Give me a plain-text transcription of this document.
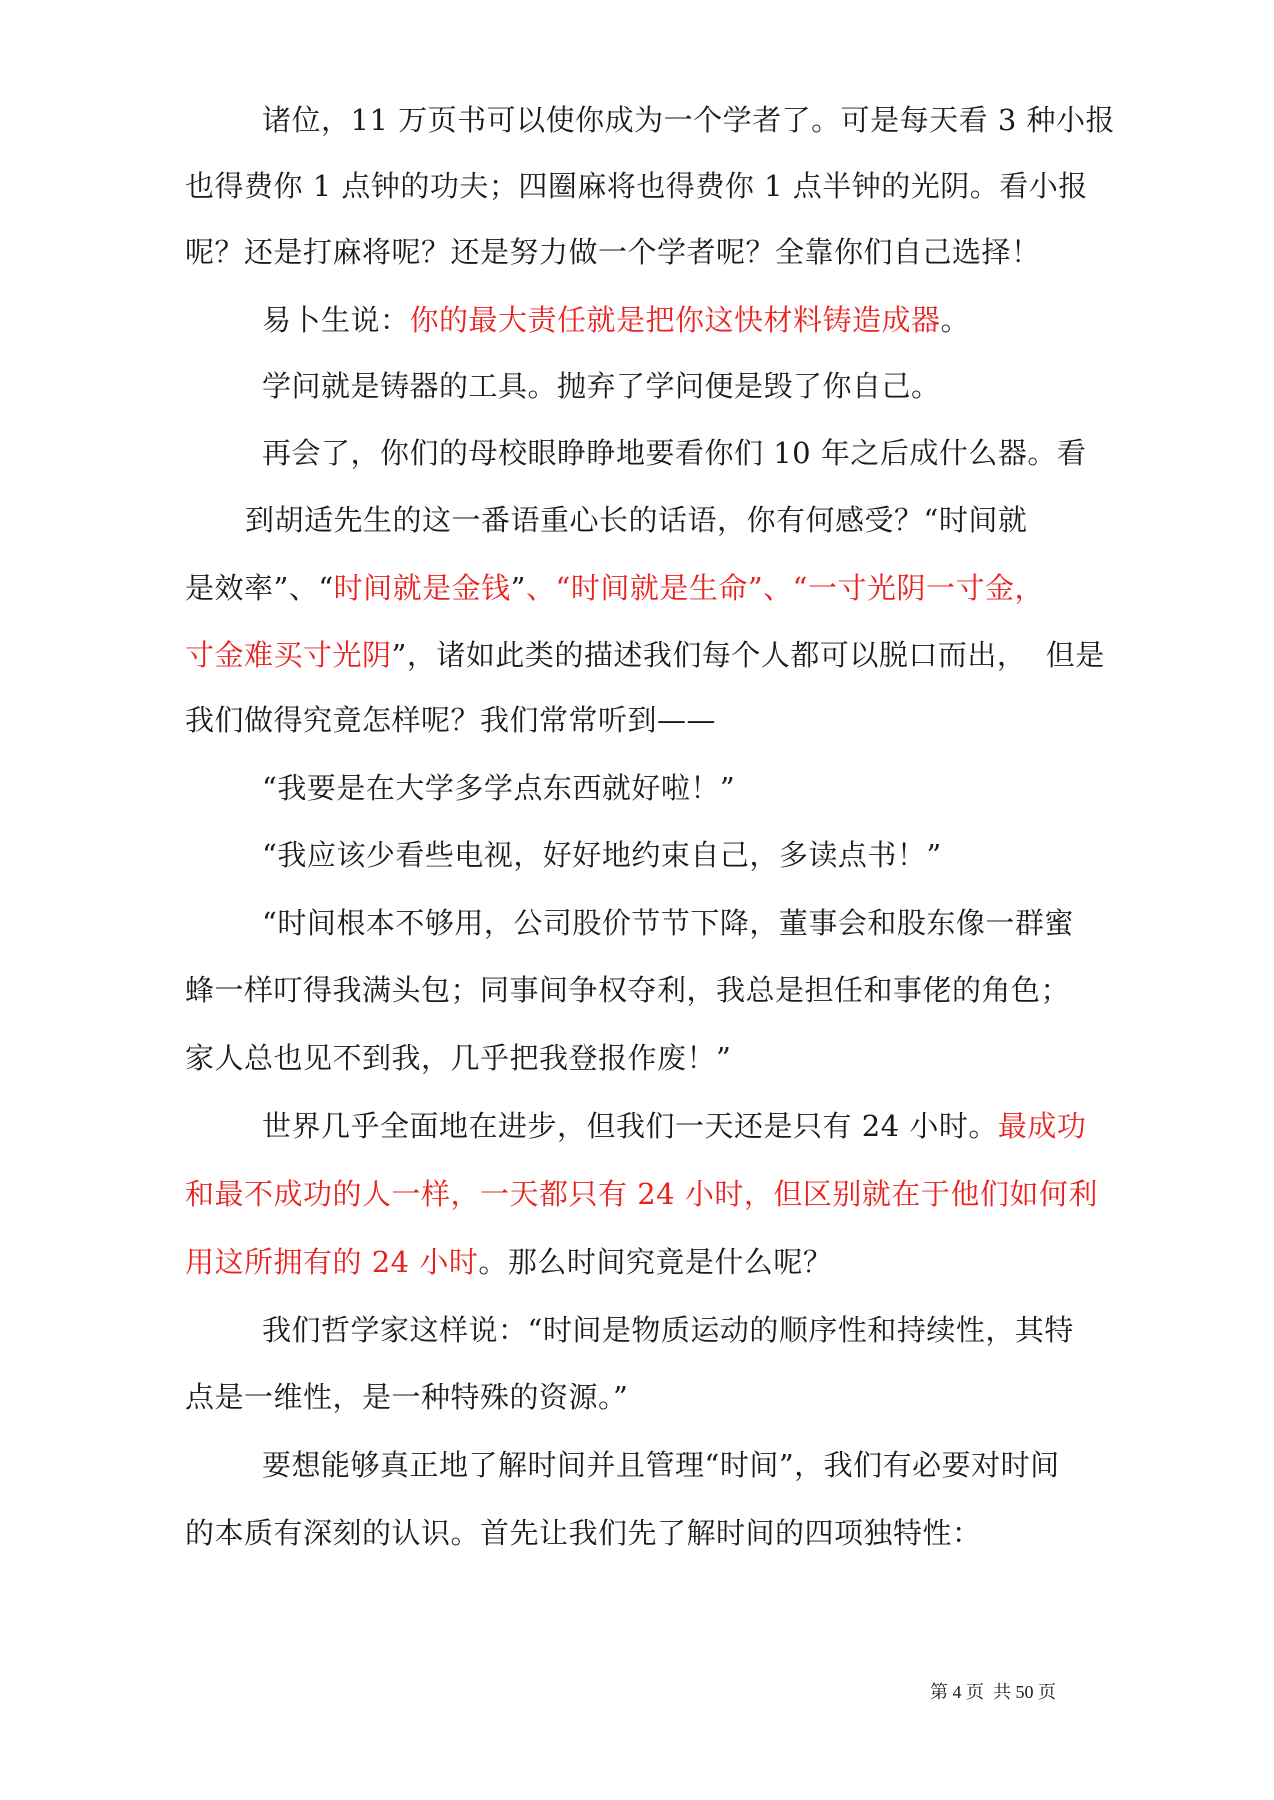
诸位，11 万页书可以使你成为一个学者了。可是每天看 3 种小报
也得费你 1 点钟的功夫；四圈麻将也得费你 1 点半钟的光阴。看小报
呢？还是打麻将呢？还是努力做一个学者呢？全靠你们自己选择！
易卜生说：你的最大责任就是把你这快材料铸造成器。
学问就是铸器的工具。抛弃了学问便是毁了你自己。
再会了，你们的母校眼睁睁地要看你们 10 年之后成什么器。看
到胡适先生的这一番语重心长的话语，你有何感受？“时间就
是效率”、“时间就是金钱”、“时间就是生命”、“一寸光阴一寸金，
寸金难买寸光阴”，诸如此类的描述我们每个人都可以脱口而出，  但是
我们做得究竟怎样呢？我们常常听到——
“我要是在大学多学点东西就好啦！”
“我应该少看些电视，好好地约束自己，多读点书！”
“时间根本不够用，公司股价节节下降，董事会和股东像一群蜜
蜂一样叮得我满头包；同事间争权夺利，我总是担任和事佬的角色；
家人总也见不到我，几乎把我登报作废！”
世界几乎全面地在进步，但我们一天还是只有 24 小时。最成功
和最不成功的人一样，一天都只有 24 小时，但区别就在于他们如何利
用这所拥有的 24 小时。那么时间究竟是什么呢？
我们哲学家这样说：“时间是物质运动的顺序性和持续性，其特
点是一维性，是一种特殊的资源。”
要想能够真正地了解时间并且管理“时间”，我们有必要对时间
的本质有深刻的认识。首先让我们先了解时间的四项独特性：
第 4 页  共 50 页
